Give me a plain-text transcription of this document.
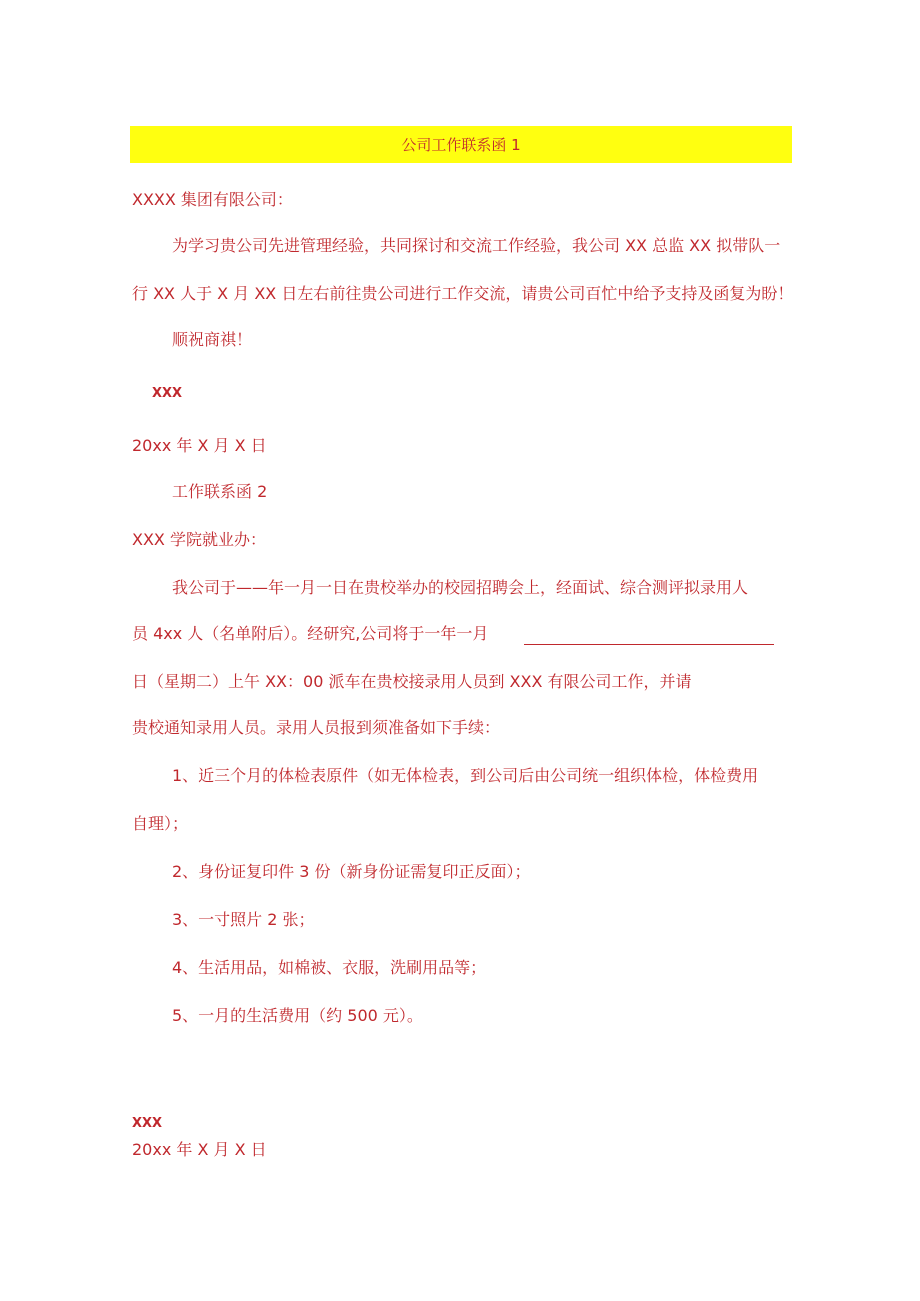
公司工作联系函 1
XXXX 集团有限公司：
为学习贵公司先进管理经验，共同探讨和交流工作经验，我公司 XX 总监 XX 拟带队一
行 XX 人于 X 月 XX 日左右前往贵公司进行工作交流，请贵公司百忙中给予支持及函复为盼！
顺祝商祺！
XXX
20xx 年 X 月 X 日
工作联系函 2
XXX 学院就业办：
我公司于——年一月一日在贵校举办的校园招聘会上，经面试、综合测评拟录用人
员 4xx 人（名单附后）。经研究,公司将于一年一月
日（星期二）上午 XX：00 派车在贵校接录用人员到 XXX 有限公司工作，并请
贵校通知录用人员。录用人员报到须准备如下手续：
1、近三个月的体检表原件（如无体检表，到公司后由公司统一组织体检，体检费用
自理）；
2、身份证复印件 3 份（新身份证需复印正反面）；
3、一寸照片 2 张；
4、生活用品，如棉被、衣服，洗刷用品等；
5、一月的生活费用（约 500 元）。
XXX
20xx 年 X 月 X 日
